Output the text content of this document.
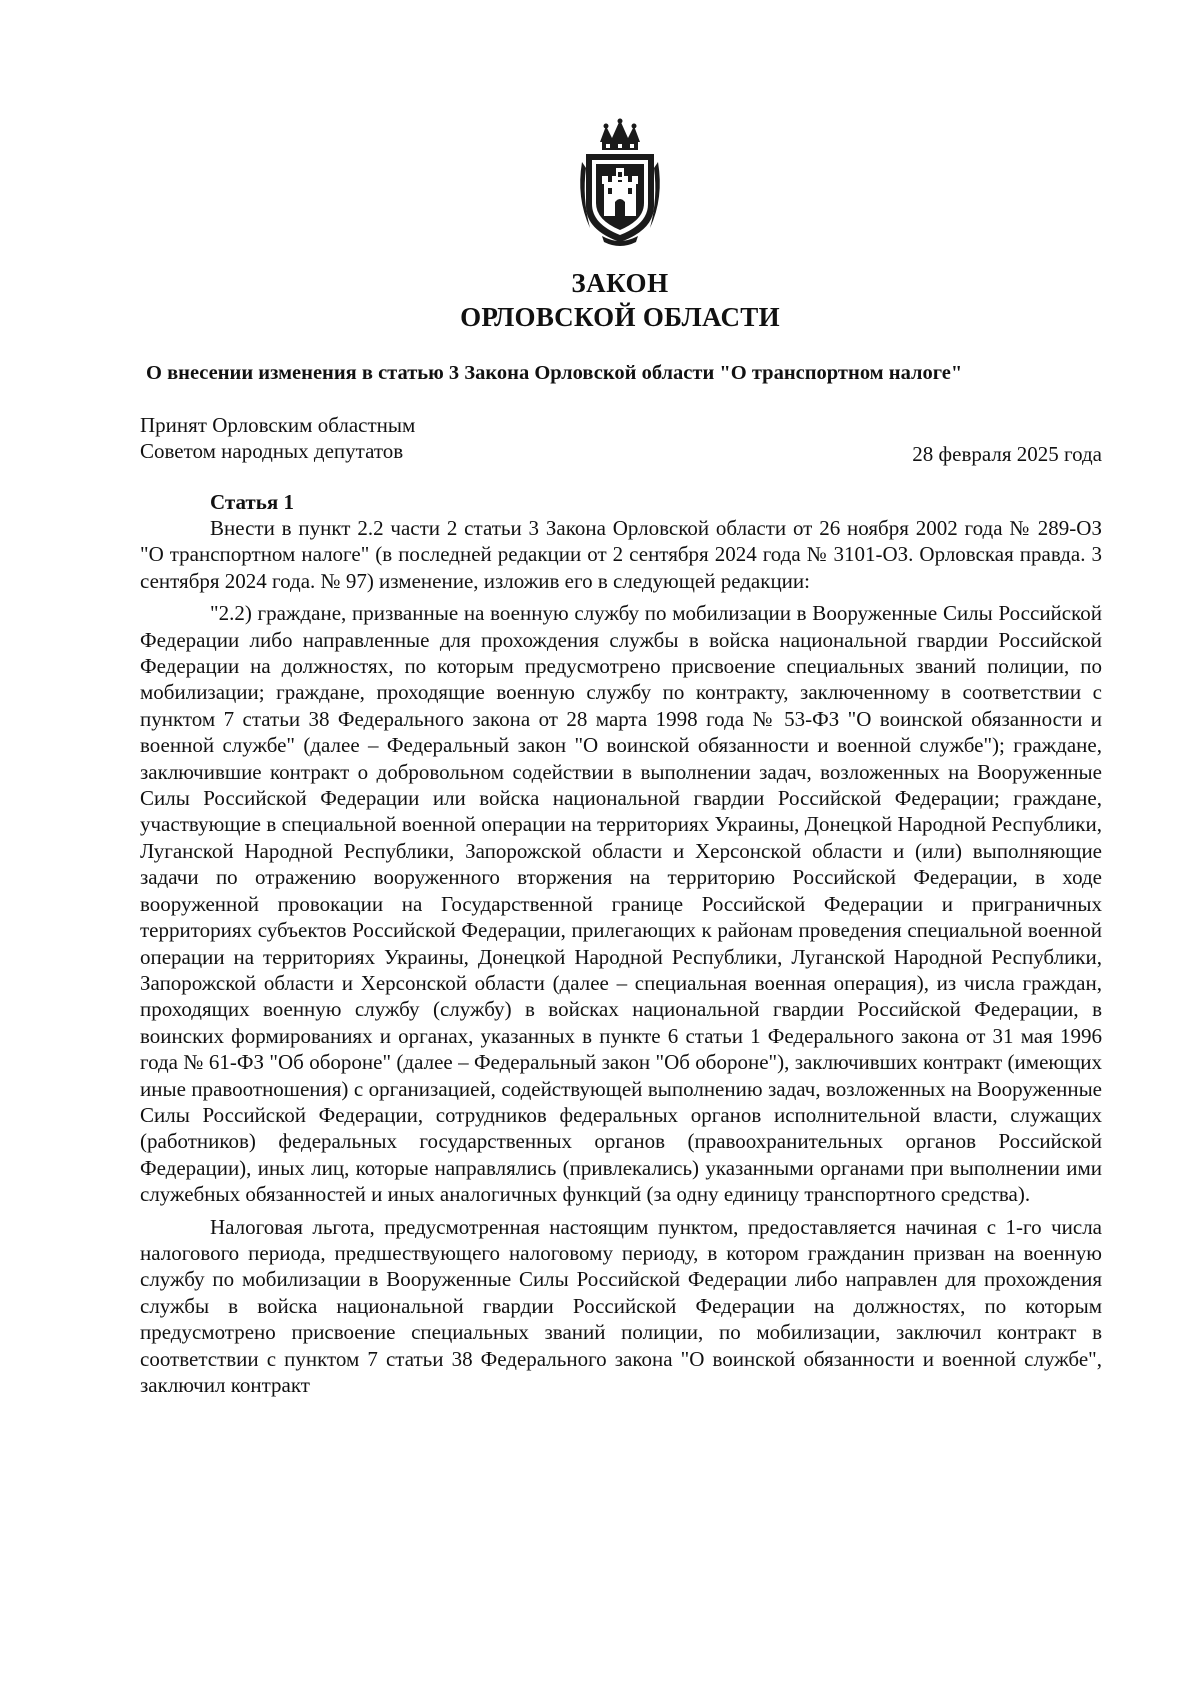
ЗАКОН
ОРЛОВСКОЙ ОБЛАСТИ
О внесении изменения в статью 3 Закона Орловской области "О транспортном налоге"
Принят Орловским областным
Советом народных депутатов	28 февраля 2025 года
Статья 1

Внести в пункт 2.2 части 2 статьи 3 Закона Орловской области от 26 ноября 2002 года № 289-ОЗ "О транспортном налоге" (в последней редакции от 2 сентября 2024 года № 3101-ОЗ. Орловская правда. 3 сентября 2024 года. № 97) изменение, изложив его в следующей редакции:

"2.2) граждане, призванные на военную службу по мобилизации в Вооруженные Силы Российской Федерации либо направленные для прохождения службы в войска национальной гвардии Российской Федерации на должностях, по которым предусмотрено присвоение специальных званий полиции, по мобилизации; граждане, проходящие военную службу по контракту, заключенному в соответствии с пунктом 7 статьи 38 Федерального закона от 28 марта 1998 года № 53-ФЗ "О воинской обязанности и военной службе" (далее – Федеральный закон "О воинской обязанности и военной службе"); граждане, заключившие контракт о добровольном содействии в выполнении задач, возложенных на Вооруженные Силы Российской Федерации или войска национальной гвардии Российской Федерации; граждане, участвующие в специальной военной операции на территориях Украины, Донецкой Народной Республики, Луганской Народной Республики, Запорожской области и Херсонской области и (или) выполняющие задачи по отражению вооруженного вторжения на территорию Российской Федерации, в ходе вооруженной провокации на Государственной границе Российской Федерации и приграничных территориях субъектов Российской Федерации, прилегающих к районам проведения специальной военной операции на территориях Украины, Донецкой Народной Республики, Луганской Народной Республики, Запорожской области и Херсонской области (далее – специальная военная операция), из числа граждан, проходящих военную службу (службу) в войсках национальной гвардии Российской Федерации, в воинских формированиях и органах, указанных в пункте 6 статьи 1 Федерального закона от 31 мая 1996 года № 61-ФЗ "Об обороне" (далее – Федеральный закон "Об обороне"), заключивших контракт (имеющих иные правоотношения) с организацией, содействующей выполнению задач, возложенных на Вооруженные Силы Российской Федерации, сотрудников федеральных органов исполнительной власти, служащих (работников) федеральных государственных органов (правоохранительных органов Российской Федерации), иных лиц, которые направлялись (привлекались) указанными органами при выполнении ими служебных обязанностей и иных аналогичных функций (за одну единицу транспортного средства).

Налоговая льгота, предусмотренная настоящим пунктом, предоставляется начиная с 1-го числа налогового периода, предшествующего налоговому периоду, в котором гражданин призван на военную службу по мобилизации в Вооруженные Силы Российской Федерации либо направлен для прохождения службы в войска национальной гвардии Российской Федерации на должностях, по которым предусмотрено присвоение специальных званий полиции, по мобилизации, заключил контракт в соответствии с пунктом 7 статьи 38 Федерального закона "О воинской обязанности и военной службе", заключил контракт
